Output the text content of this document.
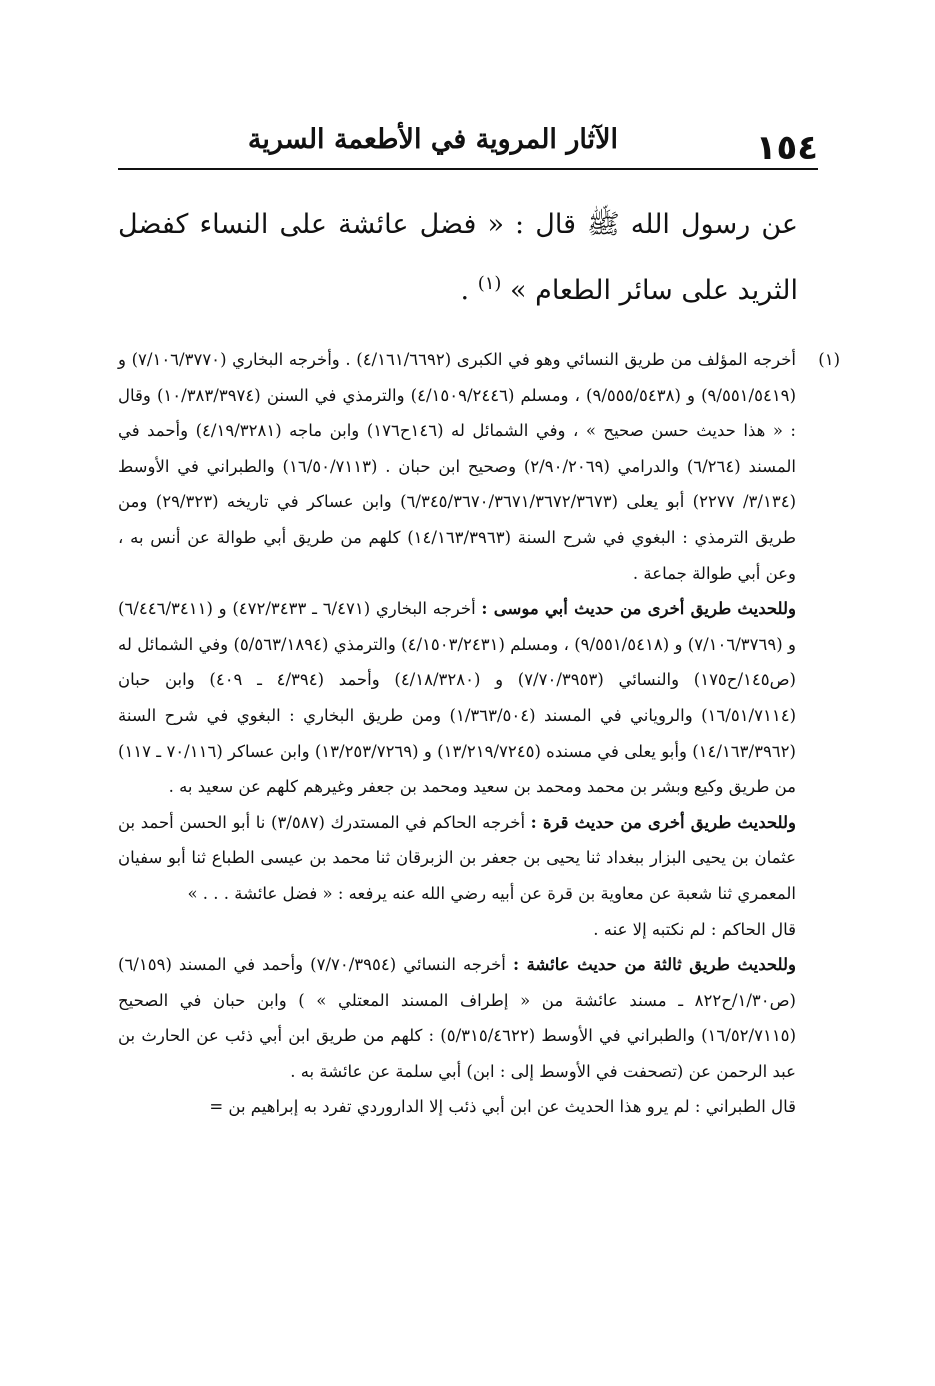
١٥٤
الآثار المروية في الأطعمة السرية

عن رسول الله ﷺ قال : « فضل عائشة على النساء كفضل الثريد على سائر الطعام » $^{(١)}$ .

(١)
أخرجه المؤلف من طريق النسائي وهو في الكبرى (٤/١٦١/٦٦٩٢) . وأخرجه البخاري (٧/١٠٦/٣٧٧٠) و (٩/٥٥١/٥٤١٩) و (٩/٥٥٥/٥٤٣٨) ، ومسلم (٤/١٥٠٩/٢٤٤٦) والترمذي في السنن (١٠/٣٨٣/٣٩٧٤) وقال : « هذا حديث حسن صحيح » ، وفي الشمائل له (١٤٦ح١٧٦) وابن ماجه (٤/١٩/٣٢٨١) وأحمد في المسند (٦/٢٦٤) والدرامي (٢/٩٠/٢٠٦٩) وصحيح ابن حبان . (١٦/٥٠/٧١١٣) والطبراني في الأوسط (٣/١٣٤/ ٢٢٧٧) أبو يعلى (٦/٣٤٥/٣٦٧٠/٣٦٧١/٣٦٧٢/٣٦٧٣) وابن عساكر في تاريخه (٢٩/٣٢٣) ومن طريق الترمذي : البغوي في شرح السنة (١٤/١٦٣/٣٩٦٣) كلهم من طريق أبي طوالة عن أنس به ، وعن أبي طوالة جماعة .

وللحديث طريق أخرى من حديث أبي موسى : أخرجه البخاري (٦/٤٧١ ـ ٤٧٢/٣٤٣٣) و (٦/٤٤٦/٣٤١١) و (٧/١٠٦/٣٧٦٩) و (٩/٥٥١/٥٤١٨) ، ومسلم (٤/١٥٠٣/٢٤٣١) والترمذي (٥/٥٦٣/١٨٩٤) وفي الشمائل له (ص١٤٥/ح١٧٥) والنسائي (٧/٧٠/٣٩٥٣) و (٤/١٨/٣٢٨٠) وأحمد (٤/٣٩٤ ـ ٤٠٩) وابن حبان (١٦/٥١/٧١١٤) والروياني في المسند (١/٣٦٣/٥٠٤) ومن طريق البخاري : البغوي في شرح السنة (١٤/١٦٣/٣٩٦٢) وأبو يعلى في مسنده (١٣/٢١٩/٧٢٤٥) و (١٣/٢٥٣/٧٢٦٩) وابن عساكر (٧٠/١١٦ ـ ١١٧) من طريق وكيع وبشر بن محمد ومحمد بن سعيد ومحمد بن جعفر وغيرهم كلهم عن سعيد به .

وللحديث طريق أخرى من حديث قرة : أخرجه الحاكم في المستدرك (٣/٥٨٧) نا أبو الحسن أحمد بن عثمان بن يحيى البزار ببغداد ثنا يحيى بن جعفر بن الزبرقان ثنا محمد بن عيسى الطباع ثنا أبو سفيان المعمري ثنا شعبة عن معاوية بن قرة عن أبيه رضي الله عنه يرفعه : « فضل عائشة . . . »

قال الحاكم : لم نكتبه إلا عنه .

وللحديث طريق ثالثة من حديث عائشة : أخرجه النسائي (٧/٧٠/٣٩٥٤) وأحمد في المسند (٦/١٥٩) (ص١/٣٠/ح٨٢٢ ـ مسند عائشة من « إطراف المسند المعتلي » ) وابن حبان في الصحيح (١٦/٥٢/٧١١٥) والطبراني في الأوسط (٥/٣١٥/٤٦٢٢) : كلهم من طريق ابن أبي ذئب عن الحارث بن عبد الرحمن عن (تصحفت في الأوسط إلى : ابن) أبي سلمة عن عائشة به .

قال الطبراني : لم يرو هذا الحديث عن ابن أبي ذئب إلا الداروردي تفرد به إبراهيم بن =
